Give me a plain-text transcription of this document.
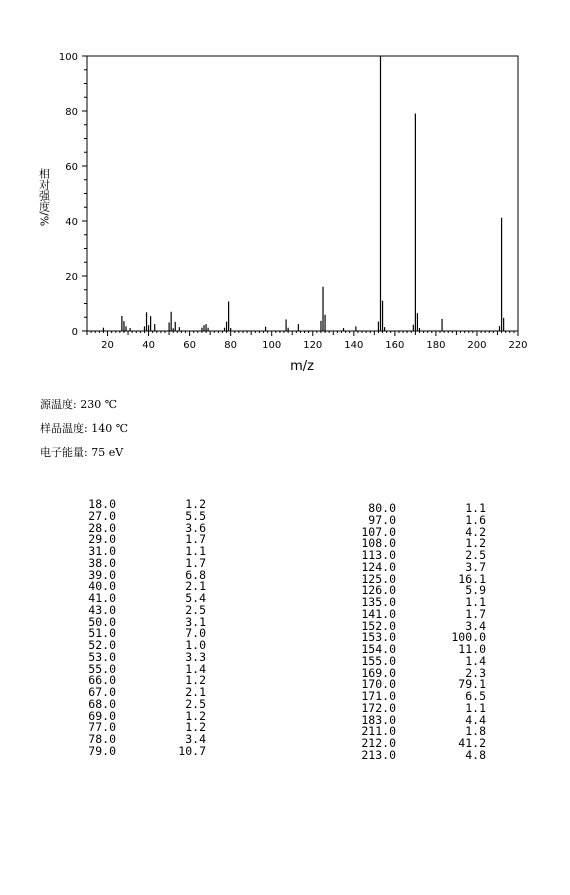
0
20
40
60
80
100
20	40	60	80	100 120 140 160 180 200 220
m/z
相对强度/%
源温度: 230 ℃
样品温度: 140 ℃
电子能量: 75 eV
18.0	1.2
27.0	5.5
28.0	3.6
29.0	1.7
31.0	1.1
38.0	1.7
39.0	6.8
40.0	2.1
41.0	5.4
43.0	2.5
50.0	3.1
51.0	7.0
52.0	1.0
53.0	3.3
55.0	1.4
66.0	1.2
67.0	2.1
68.0	2.5
69.0	1.2
77.0	1.2
78.0	3.4
79.0	10.7
80.0	1.1
97.0	1.6
107.0	4.2
108.0	1.2
113.0	2.5
124.0	3.7
125.0	16.1
126.0	5.9
135.0	1.1
141.0	1.7
152.0	3.4
153.0	100.0
154.0	11.0
155.0	1.4
169.0	2.3
170.0	79.1
171.0	6.5
172.0	1.1
183.0	4.4
211.0	1.8
212.0	41.2
213.0	4.8
